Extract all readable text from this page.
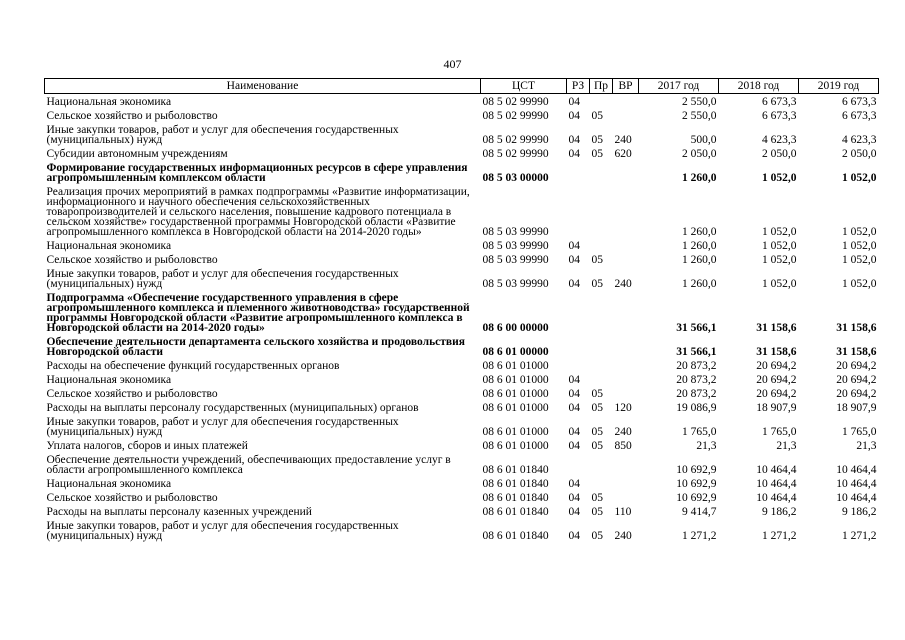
407
Наименование	ЦСТ	РЗ	Пр	ВР	2017 год	2018 год	2019 год
Национальная экономика	08 5 02 99990	04			2 550,0	6 673,3	6 673,3
Сельское хозяйство и рыболовство	08 5 02 99990	04	05		2 550,0	6 673,3	6 673,3
Иные закупки товаров, работ и услуг для обеспечения государственных (муниципальных) нужд	08 5 02 99990	04	05	240	500,0	4 623,3	4 623,3
Субсидии автономным учреждениям	08 5 02 99990	04	05	620	2 050,0	2 050,0	2 050,0
Формирование государственных информационных ресурсов в сфере управления агропромышленным комплексом области	08 5 03 00000				1 260,0	1 052,0	1 052,0
Реализация прочих мероприятий в рамках подпрограммы «Развитие информатизации, информационного и научного обеспечения сельскохозяйственных товаропроизводителей и сельского населения, повышение кадрового потенциала в сельском хозяйстве» государственной программы Новгородской области «Развитие агропромышленного комплекса в Новгородской области на 2014-2020 годы»	08 5 03 99990				1 260,0	1 052,0	1 052,0
Национальная экономика	08 5 03 99990	04			1 260,0	1 052,0	1 052,0
Сельское хозяйство и рыболовство	08 5 03 99990	04	05		1 260,0	1 052,0	1 052,0
Иные закупки товаров, работ и услуг для обеспечения государственных (муниципальных) нужд	08 5 03 99990	04	05	240	1 260,0	1 052,0	1 052,0
Подпрограмма «Обеспечение государственного управления в сфере агропромышленного комплекса и племенного животноводства» государственной программы Новгородской области «Развитие агропромышленного комплекса в Новгородской области на 2014-2020 годы»	08 6 00 00000				31 566,1	31 158,6	31 158,6
Обеспечение деятельности департамента сельского хозяйства и продовольствия Новгородской области	08 6 01 00000				31 566,1	31 158,6	31 158,6
Расходы на обеспечение функций государственных органов	08 6 01 01000				20 873,2	20 694,2	20 694,2
Национальная экономика	08 6 01 01000	04			20 873,2	20 694,2	20 694,2
Сельское хозяйство и рыболовство	08 6 01 01000	04	05		20 873,2	20 694,2	20 694,2
Расходы на выплаты персоналу государственных (муниципальных) органов	08 6 01 01000	04	05	120	19 086,9	18 907,9	18 907,9
Иные закупки товаров, работ и услуг для обеспечения государственных (муниципальных) нужд	08 6 01 01000	04	05	240	1 765,0	1 765,0	1 765,0
Уплата налогов, сборов и иных платежей	08 6 01 01000	04	05	850	21,3	21,3	21,3
Обеспечение деятельности учреждений, обеспечивающих предоставление услуг в области агропромышленного комплекса	08 6 01 01840				10 692,9	10 464,4	10 464,4
Национальная экономика	08 6 01 01840	04			10 692,9	10 464,4	10 464,4
Сельское хозяйство и рыболовство	08 6 01 01840	04	05		10 692,9	10 464,4	10 464,4
Расходы на выплаты персоналу казенных учреждений	08 6 01 01840	04	05	110	9 414,7	9 186,2	9 186,2
Иные закупки товаров, работ и услуг для обеспечения государственных (муниципальных) нужд	08 6 01 01840	04	05	240	1 271,2	1 271,2	1 271,2
